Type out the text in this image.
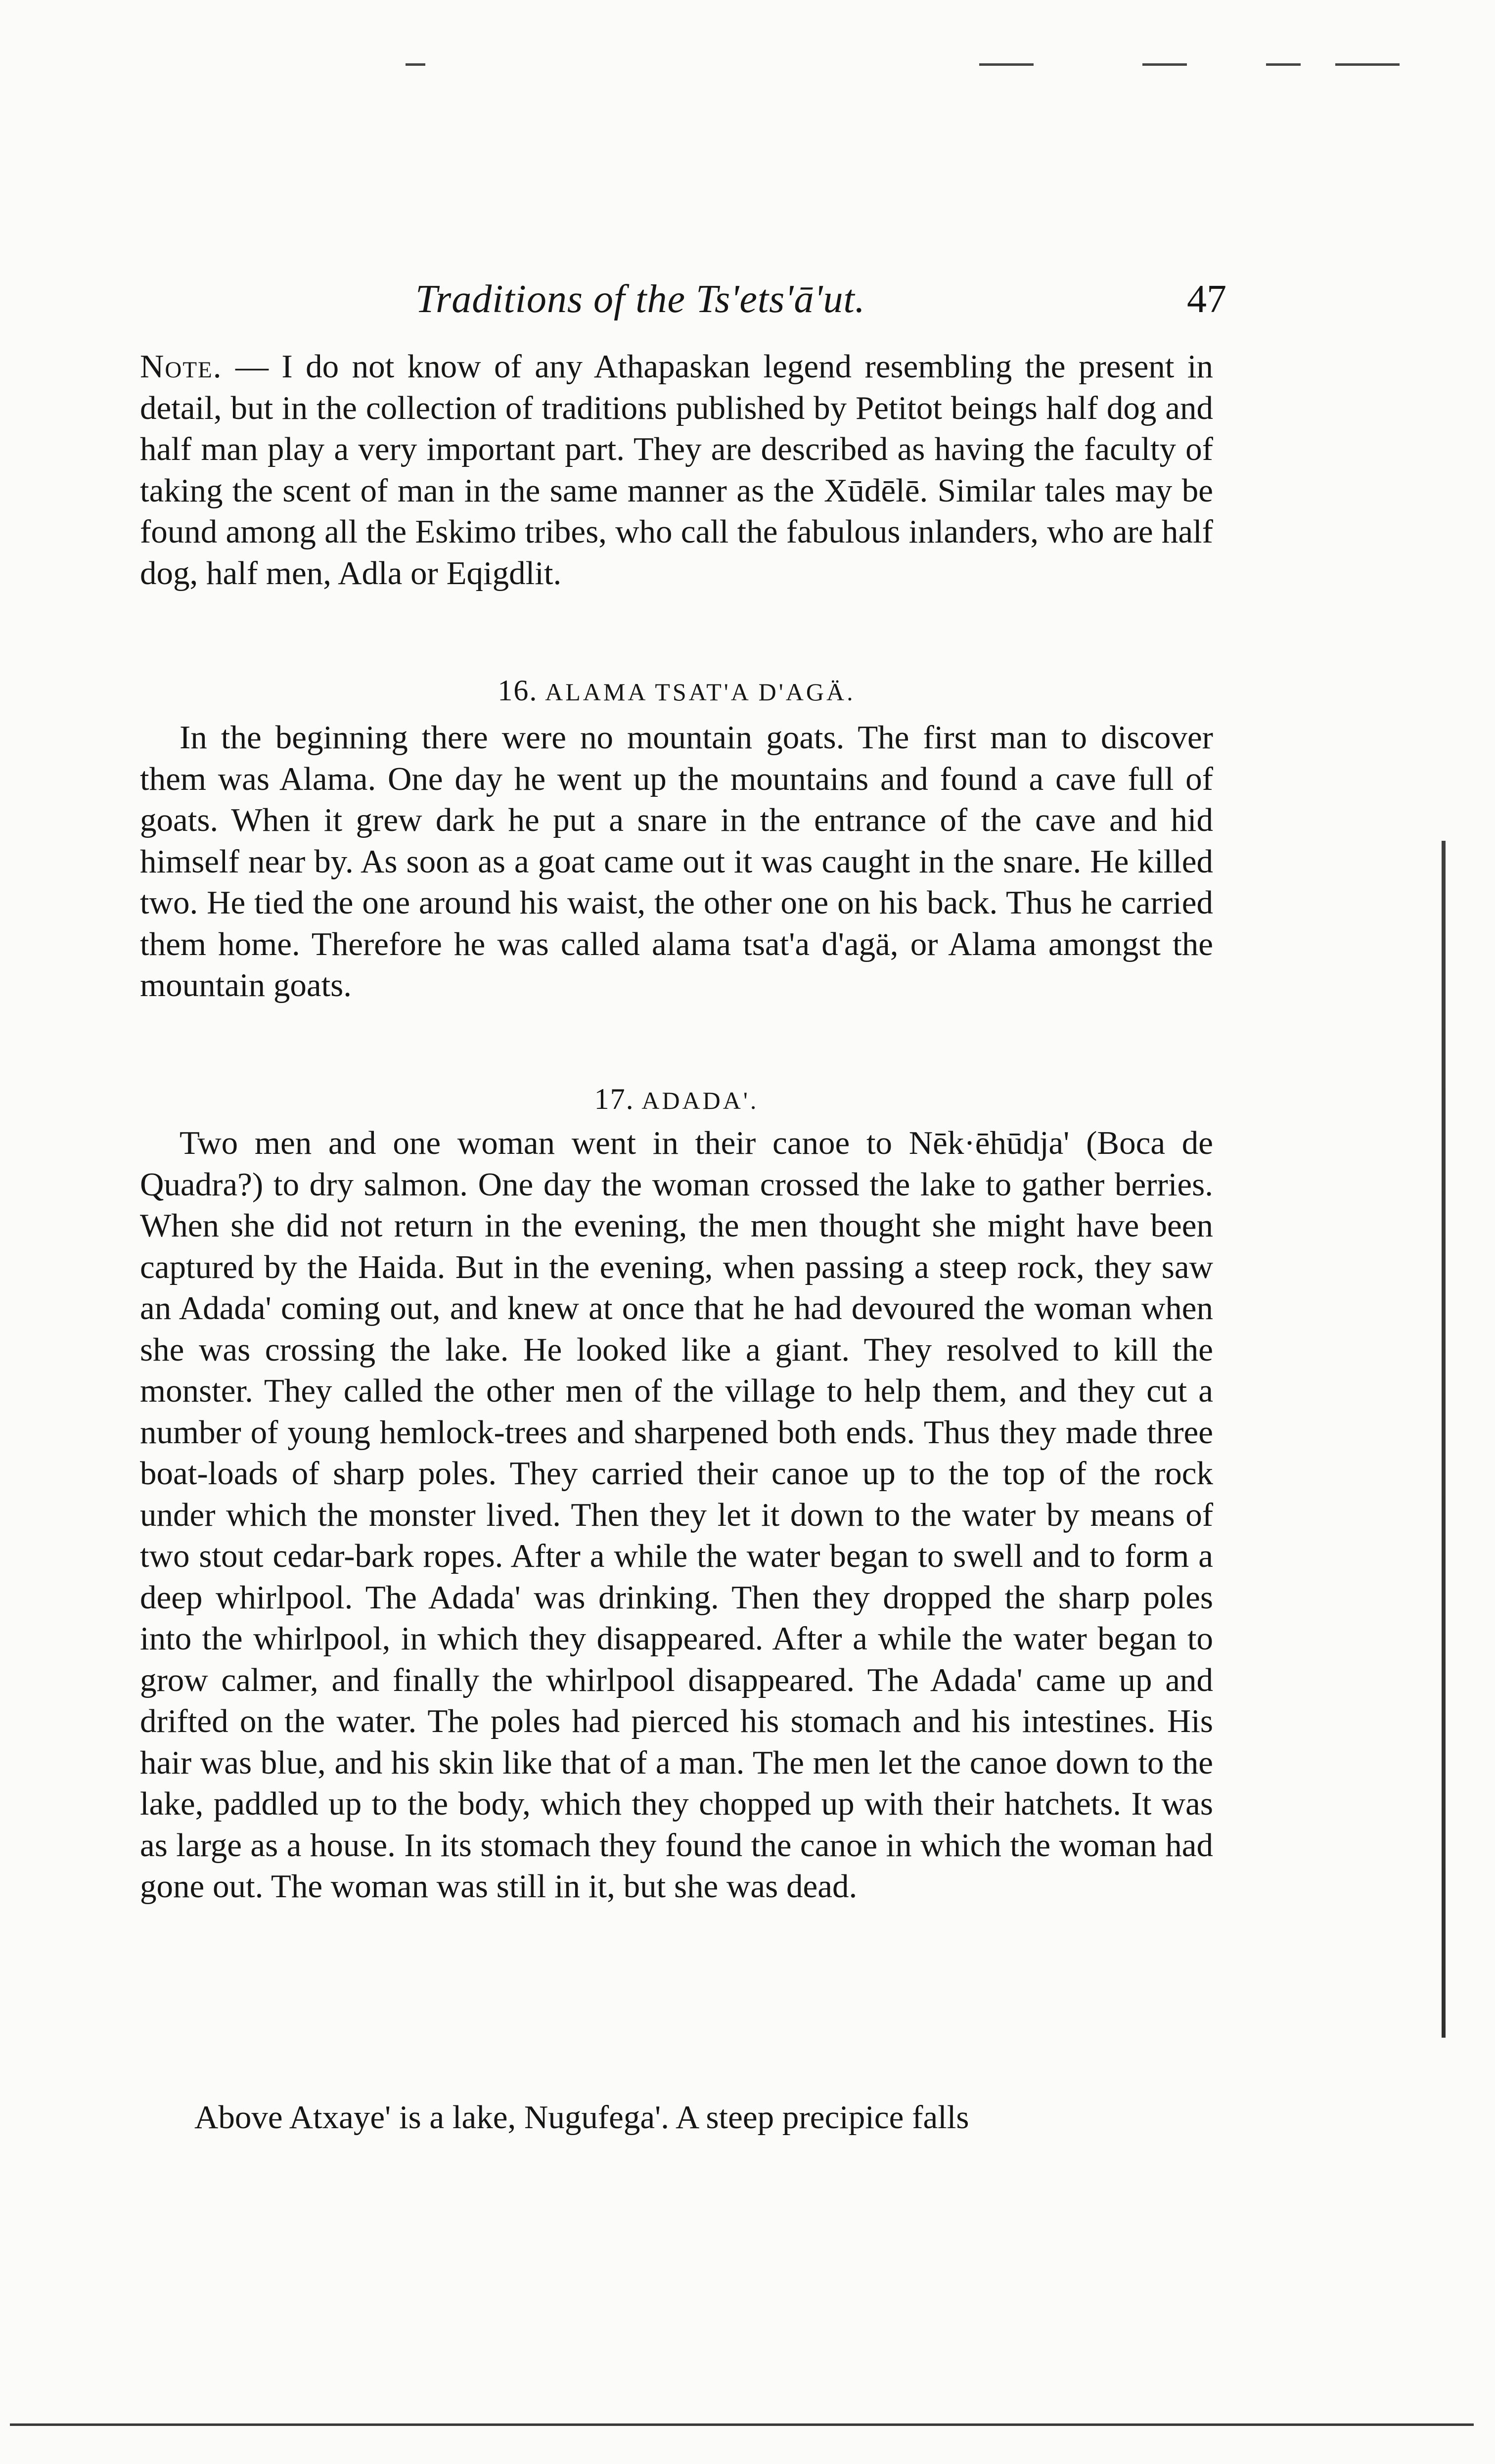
Traditions of the Ts'ets'ā'ut.	47
Note. — I do not know of any Athapaskan legend resembling the present in detail, but in the collection of traditions published by Petitot beings half dog and half man play a very important part. They are described as having the faculty of taking the scent of man in the same manner as the Xūdēlē. Similar tales may be found among all the Eskimo tribes, who call the fabulous inlanders, who are half dog, half men, Adla or Eqigdlit.
16. ALAMA TSAT'A D'AGÄ.
In the beginning there were no mountain goats. The first man to discover them was Alama. One day he went up the mountains and found a cave full of goats. When it grew dark he put a snare in the entrance of the cave and hid himself near by. As soon as a goat came out it was caught in the snare. He killed two. He tied the one around his waist, the other one on his back. Thus he carried them home. Therefore he was called alama tsat'a d'agä, or Alama amongst the mountain goats.
17. ADADA'.
Two men and one woman went in their canoe to Nēk·ēhūdja' (Boca de Quadra?) to dry salmon. One day the woman crossed the lake to gather berries. When she did not return in the evening, the men thought she might have been captured by the Haida. But in the evening, when passing a steep rock, they saw an Adada' coming out, and knew at once that he had devoured the woman when she was crossing the lake. He looked like a giant. They resolved to kill the monster. They called the other men of the village to help them, and they cut a number of young hemlock-trees and sharpened both ends. Thus they made three boat-loads of sharp poles. They carried their canoe up to the top of the rock under which the monster lived. Then they let it down to the water by means of two stout cedar-bark ropes. After a while the water began to swell and to form a deep whirlpool. The Adada' was drinking. Then they dropped the sharp poles into the whirlpool, in which they disappeared. After a while the water began to grow calmer, and finally the whirlpool disappeared. The Adada' came up and drifted on the water. The poles had pierced his stomach and his intestines. His hair was blue, and his skin like that of a man. The men let the canoe down to the lake, paddled up to the body, which they chopped up with their hatchets. It was as large as a house. In its stomach they found the canoe in which the woman had gone out. The woman was still in it, but she was dead.
Above Atxaye' is a lake, Nugufega'. A steep precipice falls
